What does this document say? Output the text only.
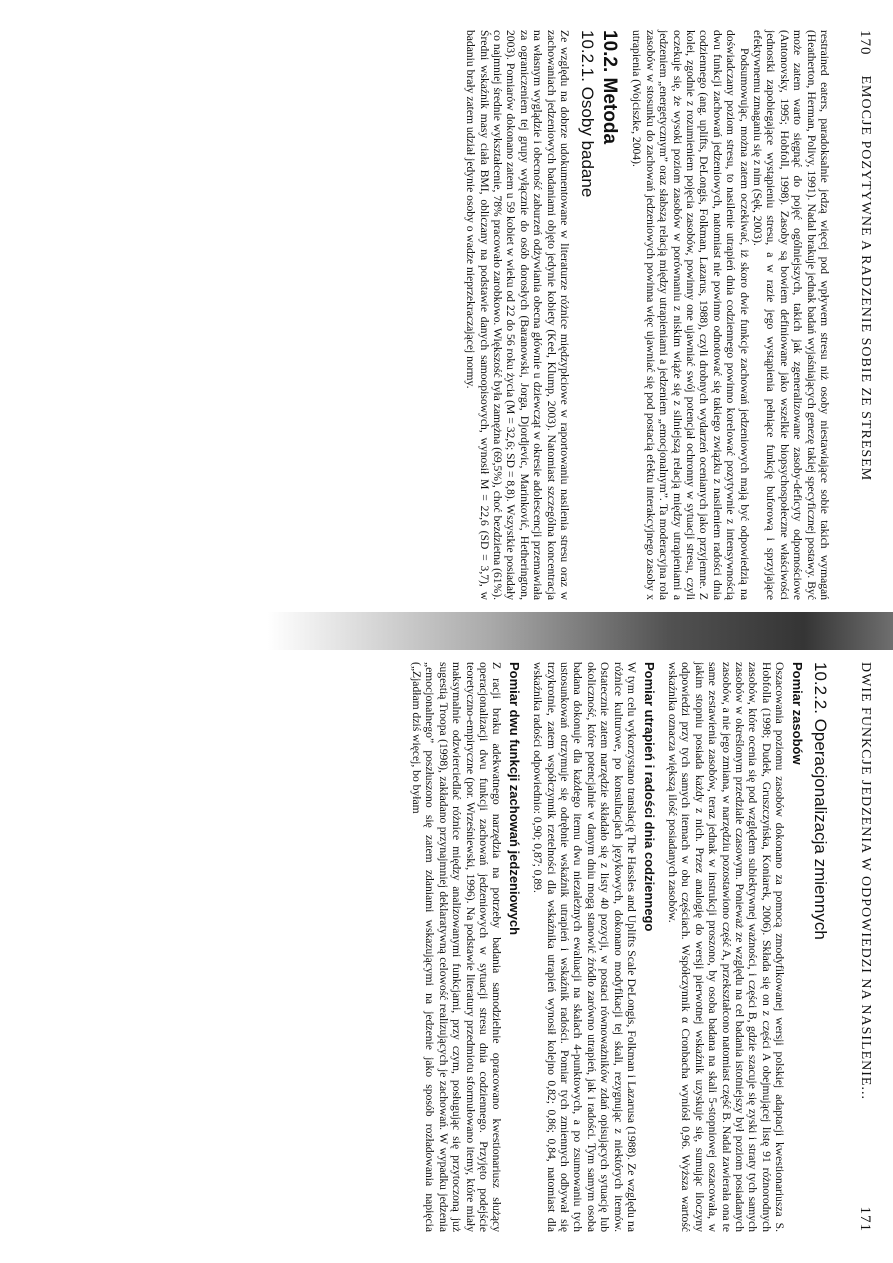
170
EMOCJE POZYTYWNE A RADZENIE SOBIE ZE STRESEM

restrained eaters, paradoksalnie jedzą więcej pod wpływem stresu niż osoby niestawiające sobie takich wymagań (Heatherton, Herman, Polivy, 1991). Nadal brakuje jednak badań wyjaśniających genezę takiej specyficznej postawy. Być może zatem warto sięgnąć do pojęć ogólniejszych, takich jak zgeneralizowane zasoby-deficyty odpornościowe (Antonovsky, 1995; Hobfoll, 1998). Zasoby są bowiem definiowane jako wszelkie biopsychospołeczne właściwości jednostki zapobiegające wystąpieniu stresu, a w razie jego wystąpienia pełniące funkcję buforową i sprzyjające efektywnemu zmaganiu się z nim (Sęk, 2003).

Podsumowując, można zatem oczekiwać, iż skoro dwie funkcje zachowań jedzeniowych mają być odpowiedzią na doświadczany poziom stresu, to nasilenie utrapień dnia codziennego powinno korelować pozytywnie z intensywnością dwu funkcji zachowań jedzeniowych, natomiast nie powinno odnotować się takiego związku z nasileniem radości dnia codziennego (ang. uplifts, DeLongis, Folkman, Lazarus, 1988), czyli drobnych wydarzeń ocenianych jako przyjemne. Z kolei, zgodnie z rozumieniem pojęcia zasobów, powinny one ujawniać swój potencjał ochronny w sytuacji stresu, czyli oczekuje się, że wysoki poziom zasobów w porównaniu z niskim wiąże się z silniejszą relacją między utrapieniami a jedzeniem „energetycznym” oraz słabszą relacją między utrapieniami a jedzeniem „emocjonalnym”. Ta moderacyjna rola zasobów w stosunku do zachowań jedzeniowych powinna więc ujawniać się pod postacią efektu interakcyjnego zasoby x utrapienia (Wojciszke, 2004).

10.2. Metoda
10.2.1. Osoby badane

Ze względu na dobrze udokumentowane w literaturze różnice międzypłciowe w raportowaniu nasilenia stresu oraz w zachowaniach jedzeniowych badaniami objęto jedynie kobiety (Keel, Klump, 2003). Natomiast szczególna koncentracja na własnym wyglądzie i obecność zaburzeń odżywiania obecna głównie u dziewcząt w okresie adolescencji przemawiała za ograniczeniem tej grupy wyłącznie do osób dorosłych (Baranowski, Jorga, Djordjevic, Marinković, Hetherington, 2003). Pomiarów dokonano zatem u 59 kobiet w wieku od 22 do 56 roku życia (M = 32,6; SD = 8,8). Wszystkie posiadały co najmniej średnie wykształcenie, 78% pracowało zarobkowo. Większość była zamężna (69,5%), choć bezdzietna (61%). Średni wskaźnik masy ciała BMI, obliczany na podstawie danych samoopisowych, wynosił M = 22,6 (SD = 3,7), w badaniu brały zatem udział jedynie osoby o wadze nieprzekraczającej normy.

DWIE FUNKCJE JEDZENIA W ODPOWIEDZI NA NASILENIE...
171
10.2.2. Operacjonalizacja zmiennych
Pomiar zasobów

Oszacowania poziomu zasobów dokonano za pomocą zmodyfikowanej wersji polskiej adaptacji kwestionariusza S. Hobfolla (1998; Dudek, Gruszczyńska, Koniarek, 2006). Składa się on z części A obejmującej listę 91 różnorodnych zasobów, które ocenia się pod względem subiektywnej ważności, i części B, gdzie szacuje się zyski i straty tych samych zasobów w określonym przedziale czasowym. Ponieważ ze względu na cel badania istotniejszy był poziom posiadanych zasobów, a nie jego zmiana, w narzędziu pozostawiono część A, przekształcono natomiast część B. Nadal zawierała ona te same zestawienia zasobów, teraz jednak w instrukcji proszono, by osoba badana na skali 5-stopniowej oszacowała, w jakim stopniu posiada każdy z nich. Przez analogię do wersji pierwotnej wskaźnik uzyskuje się, sumując iloczyny odpowiedzi przy tych samych itemach w obu częściach. Współczynnik α Cronbacha wyniósł 0,96. Wyższa wartość wskaźnika oznacza większą ilość posiadanych zasobów.

Pomiar utrapień i radości dnia codziennego

W tym celu wykorzystano translację The Hassles and Uplifts Scale DeLongis, Folkman i Lazarusa (1988). Ze względu na różnice kulturowe, po konsultacjach językowych, dokonano modyfikacji tej skali, rezygnując z niektórych itemów. Ostatecznie zatem narzędzie składało się z listy 40 pozycji, w postaci równoważników zdań opisujących sytuację lub okoliczność, które potencjalnie w danym dniu mogą stanowić źródło zarówno utrapień, jak i radości. Tym samym osoba badana dokonuje dla każdego itemu dwu niezależnych ewaluacji na skalach 4-punktowych, a po zsumowaniu tych ustosunkowań otrzymuje się odrębnie wskaźnik utrapień i wskaźnik radości. Pomiar tych zmiennych odbywał się trzykrotnie, zatem współczynnik rzetelności dla wskaźnika utrapień wynosił kolejno 0,82; 0,86; 0,84, natomiast dla wskaźnika radości odpowiednio: 0,90; 0,87; 0,89.

Pomiar dwu funkcji zachowań jedzeniowych

Z racji braku adekwatnego narzędzia na potrzeby badania samodzielnie opracowano kwestionariusz służący operacjonalizacji dwu funkcji zachowań jedzeniowych w sytuacji stresu dnia codziennego. Przyjęto podejście teoretyczno-empiryczne (por. Wrześniewski, 1996). Na podstawie literatury przedmiotu sformułowano itemy, które miały maksymalnie odzwierciedlać różnice między analizowanymi funkcjami, przy czym, posługując się przytoczoną już sugestią Troopa (1998), zakładano przynajmniej deklaratywną celowość realizujących je zachowań. W wypadku jedzenia „emocjonalnego” poszłuszono się zatem zdaniami wskazującymi na jedzenie jako sposób rozładowania napięcia („Zjadłam dziś więcej, bo byłam
